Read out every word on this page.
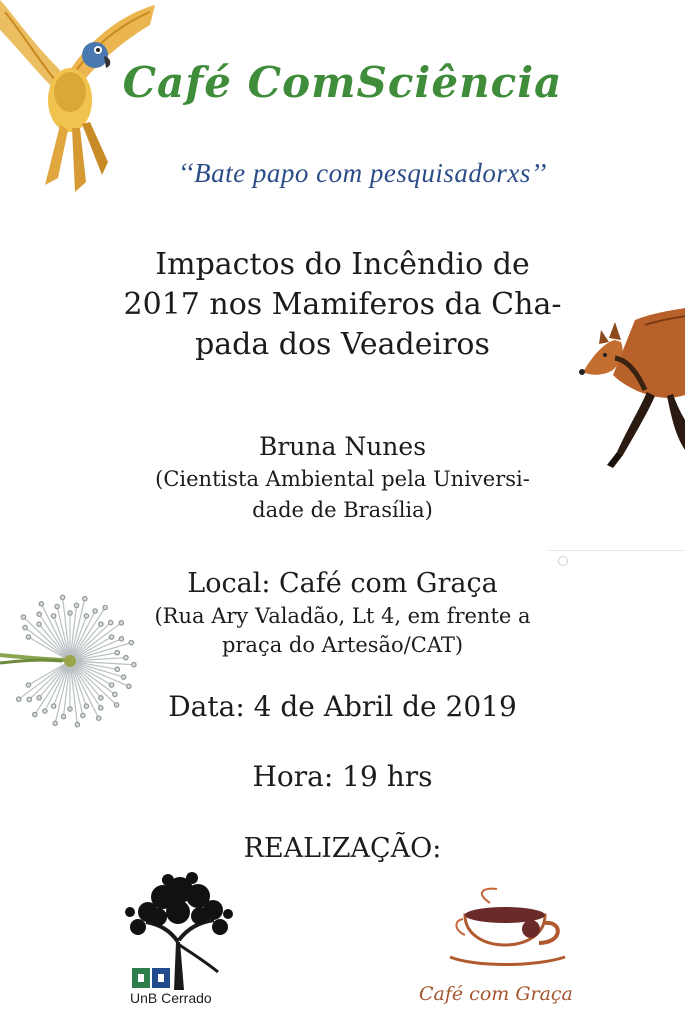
Café ComSciência
‘‘Bate papo com pesquisadorxs’’
Impactos do Incêndio de
2017 nos Mamiferos da Cha-
pada dos Veadeiros
Bruna Nunes
(Cientista Ambiental pela Universi-
dade de Brasília)
Local: Café com Graça
(Rua Ary Valadão, Lt 4, em frente a
praça do Artesão/CAT)
Data: 4 de Abril de 2019
Hora: 19 hrs
REALIZAÇÃO:
UnB Cerrado	Café com Graça
